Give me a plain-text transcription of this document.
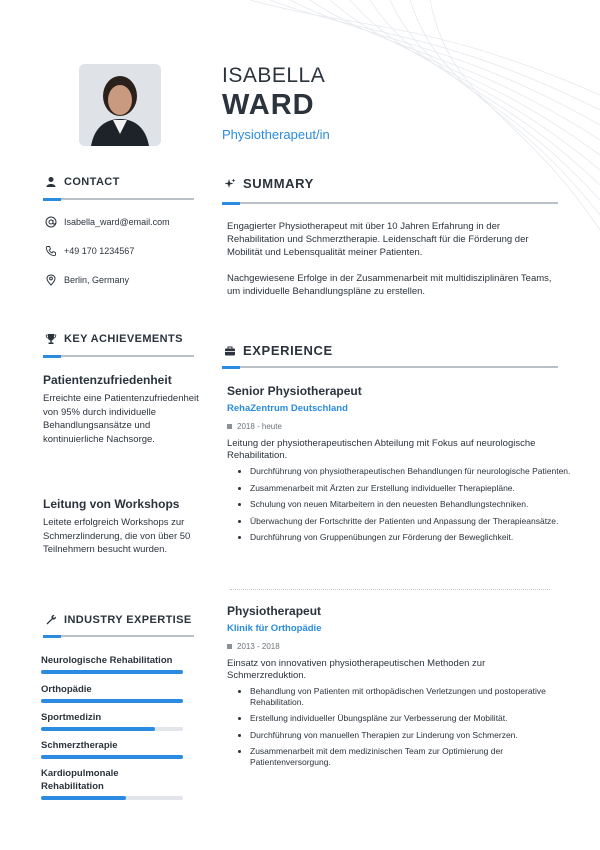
ISABELLA
WARD
Physiotherapeut/in
CONTACT
Isabella_ward@email.com
+49 170 1234567
Berlin, Germany
KEY ACHIEVEMENTS
Patientenzufriedenheit
Erreichte eine Patientenzufriedenheit von 95% durch individuelle Behandlungsansätze und kontinuierliche Nachsorge.
Leitung von Workshops
Leitete erfolgreich Workshops zur Schmerzlinderung, die von über 50 Teilnehmern besucht wurden.
INDUSTRY EXPERTISE
Neurologische Rehabilitation
Orthopädie
Sportmedizin
Schmerztherapie
Kardiopulmonale Rehabilitation
SUMMARY
Engagierter Physiotherapeut mit über 10 Jahren Erfahrung in der Rehabilitation und Schmerztherapie. Leidenschaft für die Förderung der Mobilität und Lebensqualität meiner Patienten.
Nachgewiesene Erfolge in der Zusammenarbeit mit multidisziplinären Teams, um individuelle Behandlungspläne zu erstellen.
EXPERIENCE
Senior Physiotherapeut
RehaZentrum Deutschland
2018 - heute
Leitung der physiotherapeutischen Abteilung mit Fokus auf neurologische Rehabilitation.
• Durchführung von physiotherapeutischen Behandlungen für neurologische Patienten.
• Zusammenarbeit mit Ärzten zur Erstellung individueller Therapiepläne.
• Schulung von neuen Mitarbeitern in den neuesten Behandlungstechniken.
• Überwachung der Fortschritte der Patienten und Anpassung der Therapieansätze.
• Durchführung von Gruppenübungen zur Förderung der Beweglichkeit.
Physiotherapeut
Klinik für Orthopädie
2013 - 2018
Einsatz von innovativen physiotherapeutischen Methoden zur Schmerzreduktion.
• Behandlung von Patienten mit orthopädischen Verletzungen und postoperative Rehabilitation.
• Erstellung individueller Übungspläne zur Verbesserung der Mobilität.
• Durchführung von manuellen Therapien zur Linderung von Schmerzen.
• Zusammenarbeit mit dem medizinischen Team zur Optimierung der Patientenversorgung.
